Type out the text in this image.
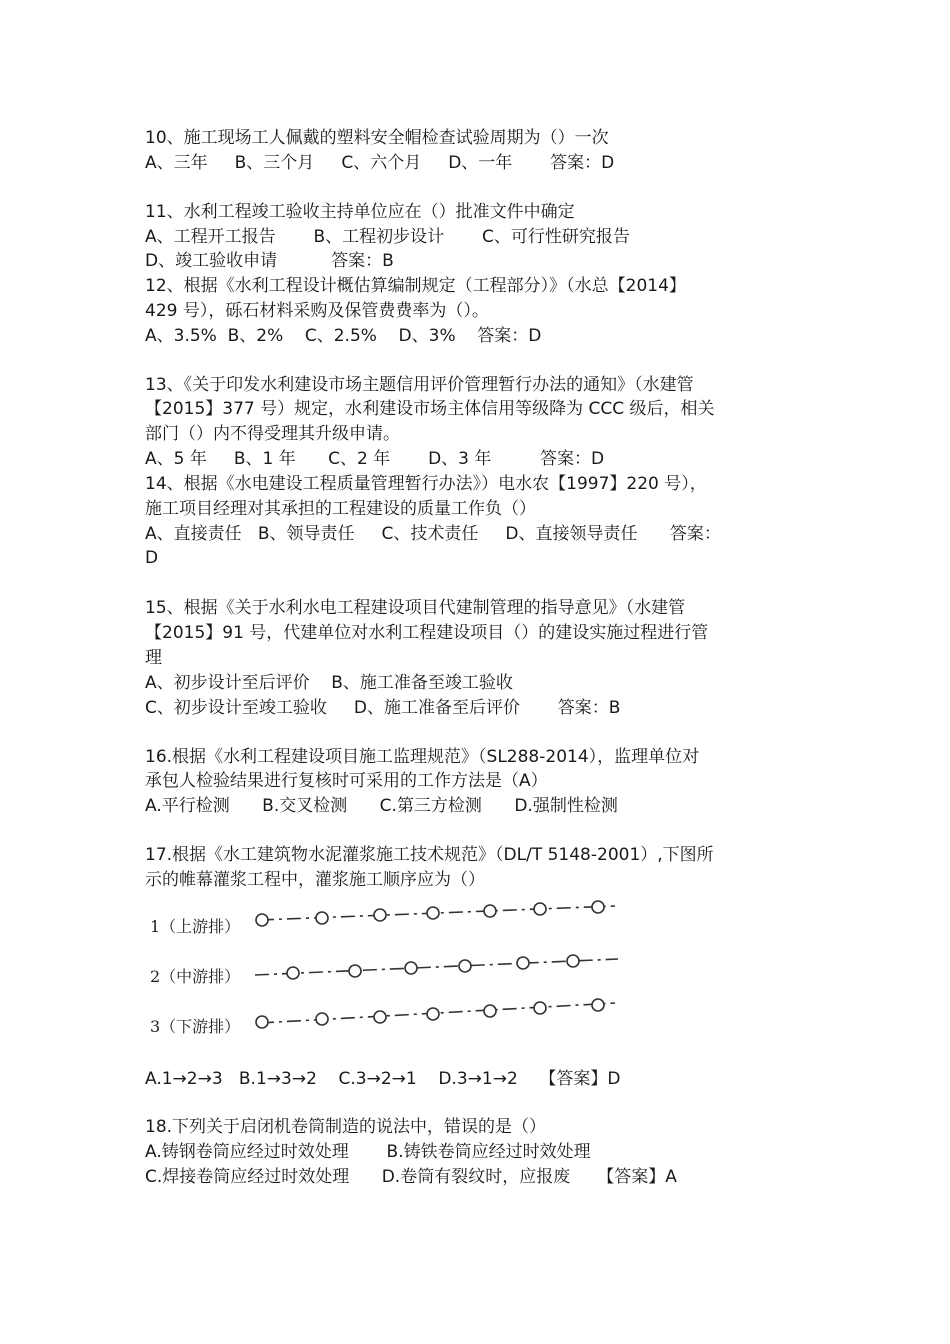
10、施工现场工人佩戴的塑料安全帽检查试验周期为（）一次

A、三年     B、三个月     C、六个月     D、一年       答案：D

11、水利工程竣工验收主持单位应在（）批准文件中确定

A、工程开工报告       B、工程初步设计       C、可行性研究报告

D、竣工验收申请          答案：B

12、根据《水利工程设计概估算编制规定（工程部分）》（水总【2014】

429 号），砾石材料采购及保管费费率为（）。

A、3.5%  B、2%    C、2.5%    D、3%    答案：D

13、《关于印发水利建设市场主题信用评价管理暂行办法的通知》（水建管

【2015】377 号）规定，水利建设市场主体信用等级降为 CCC 级后，相关

部门（）内不得受理其升级申请。

A、5 年     B、1 年      C、2 年       D、3 年         答案：D

14、根据《水电建设工程质量管理暂行办法》）电水农【1997】220 号），

施工项目经理对其承担的工程建设的质量工作负（）

A、直接责任   B、领导责任     C、技术责任     D、直接领导责任      答案：

D

15、根据《关于水利水电工程建设项目代建制管理的指导意见》（水建管

【2015】91 号，代建单位对水利工程建设项目（）的建设实施过程进行管

理

A、初步设计至后评价    B、施工准备至竣工验收

C、初步设计至竣工验收     D、施工准备至后评价       答案：B

16.根据《水利工程建设项目施工监理规范》（SL288-2014），监理单位对

承包人检验结果进行复核时可采用的工作方法是（A）

A.平行检测      B.交叉检测      C.第三方检测      D.强制性检测

17.根据《水工建筑物水泥灌浆施工技术规范》（DL/T 5148-2001）,下图所

示的帷幕灌浆工程中，灌浆施工顺序应为（）

1（上游排）
2（中游排）
3（下游排）

A.1→2→3   B.1→3→2    C.3→2→1    D.3→1→2    【答案】D

18.下列关于启闭机卷筒制造的说法中，错误的是（）

A.铸钢卷筒应经过时效处理       B.铸铁卷筒应经过时效处理

C.焊接卷筒应经过时效处理      D.卷筒有裂纹时，应报废     【答案】A
